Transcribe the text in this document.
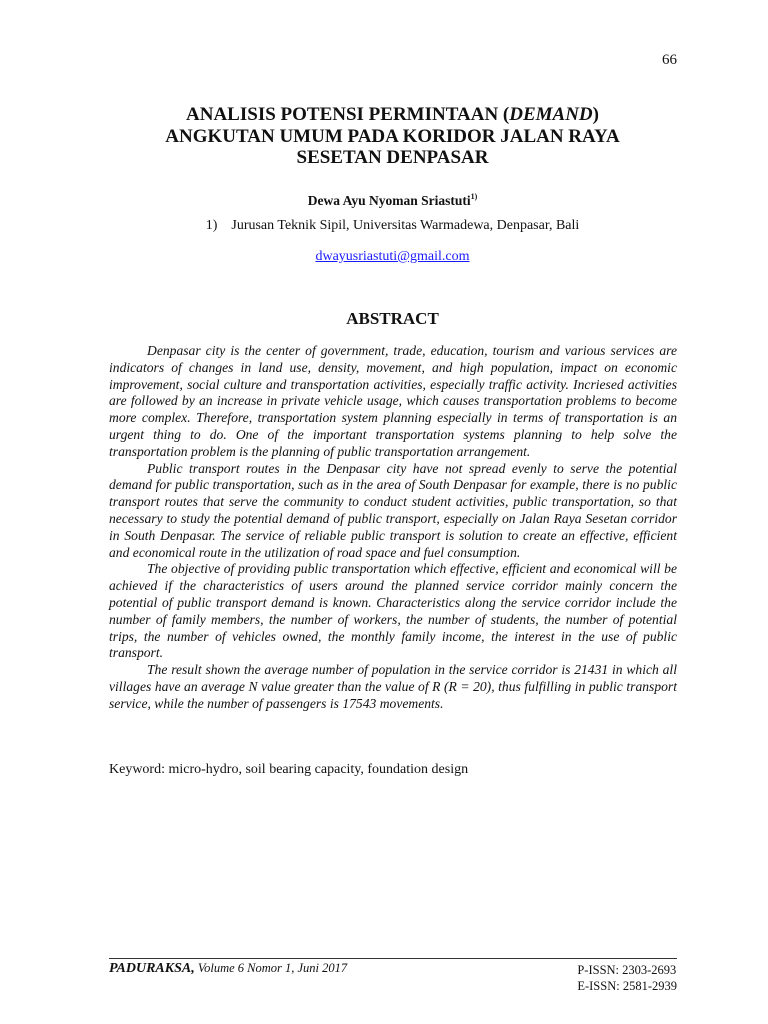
66
ANALISIS POTENSI PERMINTAAN (DEMAND)
ANGKUTAN UMUM PADA KORIDOR JALAN RAYA
SESETAN DENPASAR
Dewa Ayu Nyoman Sriastuti$^{1)}$
1)    Jurusan Teknik Sipil, Universitas Warmadewa, Denpasar, Bali
dwayusriastuti@gmail.com
ABSTRACT

Denpasar city is the center of government, trade, education, tourism and various services are indicators of changes in land use, density, movement, and high population, impact on economic improvement, social culture and transportation activities, especially traffic activity. Incriesed activities are followed by an increase in private vehicle usage, which causes transportation problems to become more complex. Therefore, transportation system planning especially in terms of transportation is an urgent thing to do. One of the important transportation systems planning to help solve the transportation problem is the planning of public transportation arrangement.

Public transport routes in the Denpasar city have not spread evenly to serve the potential demand for public transportation, such as in the area of South Denpasar for example, there is no public transport routes that serve the community to conduct student activities, public transportation, so that necessary to study the potential demand of public transport, especially on Jalan Raya Sesetan corridor in South Denpasar. The service of reliable public transport is solution to create an effective, efficient and economical route in the utilization of road space and fuel consumption.

The objective of providing public transportation which effective, efficient and economical will be achieved if the characteristics of users around the planned service corridor mainly concern the potential of public transport demand is known. Characteristics along the service corridor include the number of family members, the number of workers, the number of students, the number of potential trips, the number of vehicles owned, the monthly family income, the interest in the use of public transport.

The result shown the average number of population in the service corridor is 21431 in which all villages have an average N value greater than the value of R (R = 20), thus fulfilling in public transport service, while the number of passengers is 17543 movements.

Keyword: micro-hydro, soil bearing capacity, foundation design
PADURAKSA, Volume 6 Nomor 1, Juni 2017	P-ISSN: 2303-2693
E-ISSN: 2581-2939
